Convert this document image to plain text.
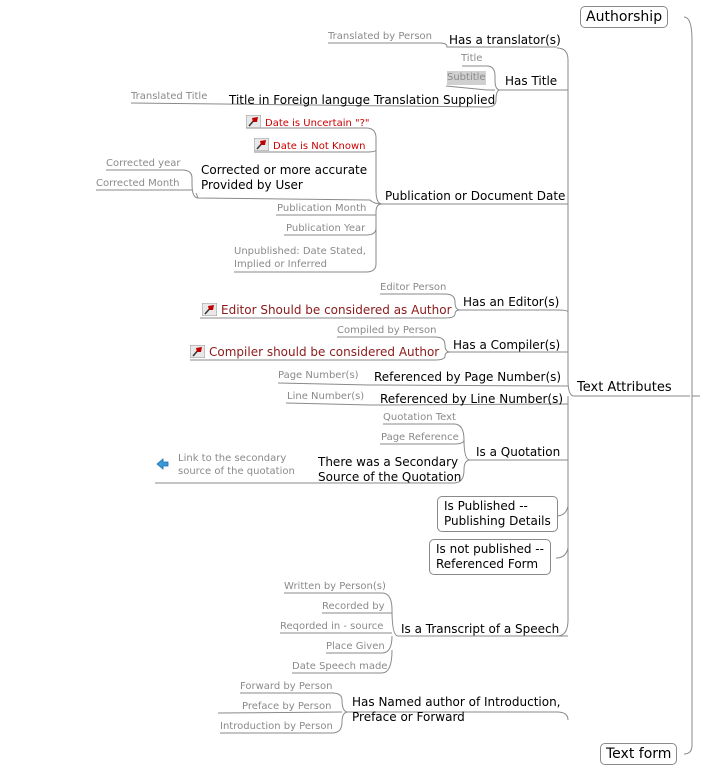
Authorship
Text Attributes
Text form
Translated by Person Has a translator(s)
Title
Subtitle Has Title
Translated Title Title in Foreign languge Translation Supplied
Date is Uncertain "?"
Date is Not Known
Corrected year
Corrected Month
Corrected or more accurate
Provided by User
Publication or Document Date
Publication Month
Publication Year
Unpublished: Date Stated,
Implied or Inferred
Editor Person
Has an Editor(s)
Editor Should be considered as Author
Compiled by Person
Has a Compiler(s)
Compiler should be considered Author
Page Number(s) Referenced by Page Number(s)
Line Number(s) Referenced by Line Number(s)
Quotation Text
Page Reference
Is a Quotation
Link to the secondary
source of the quotation
There was a Secondary
Source of the Quotation
Is Published --
Publishing Details
Is not published --
Referenced Form
Written by Person(s)
Recorded by
Reqorded in - source Is a Transcript of a Speech
Place Given
Date Speech made
Forward by Person
Has Named author of Introduction,
Preface or Forward
Preface by Person
Introduction by Person
